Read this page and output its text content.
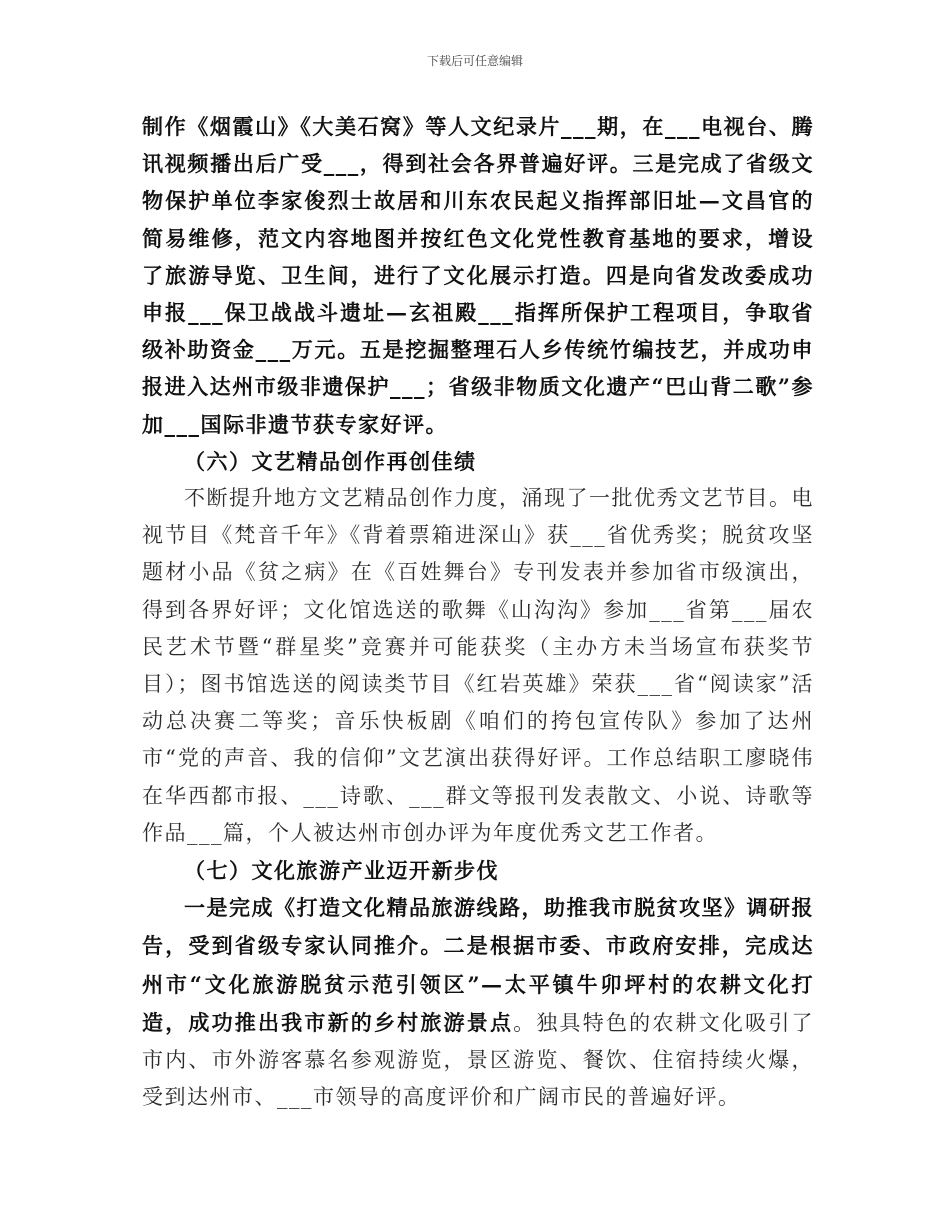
下载后可任意编辑

制作《烟霞山》《大美石窝》等人文纪录片___期，在___电视台、腾讯视频播出后广受___，得到社会各界普遍好评。三是完成了省级文物保护单位李家俊烈士故居和川东农民起义指挥部旧址—文昌官的简易维修，范文内容地图并按红色文化党性教育基地的要求，增设了旅游导览、卫生间，进行了文化展示打造。四是向省发改委成功申报___保卫战战斗遗址—玄祖殿___指挥所保护工程项目，争取省级补助资金___万元。五是挖掘整理石人乡传统竹编技艺，并成功申报进入达州市级非遗保护___；省级非物质文化遗产“巴山背二歌”参加___国际非遗节获专家好评。

（六）文艺精品创作再创佳绩

不断提升地方文艺精品创作力度，涌现了一批优秀文艺节目。电视节目《梵音千年》《背着票箱进深山》获___省优秀奖；脱贫攻坚题材小品《贫之病》在《百姓舞台》专刊发表并参加省市级演出，得到各界好评；文化馆选送的歌舞《山沟沟》参加___省第___届农民艺术节暨“群星奖”竞赛并可能获奖（主办方未当场宣布获奖节目）；图书馆选送的阅读类节目《红岩英雄》荣获___省“阅读家”活动总决赛二等奖；音乐快板剧《咱们的挎包宣传队》参加了达州市“党的声音、我的信仰”文艺演出获得好评。工作总结职工廖晓伟在华西都市报、___诗歌、___群文等报刊发表散文、小说、诗歌等作品___篇，个人被达州市创办评为年度优秀文艺工作者。

（七）文化旅游产业迈开新步伐

一是完成《打造文化精品旅游线路，助推我市脱贫攻坚》调研报告，受到省级专家认同推介。二是根据市委、市政府安排，完成达州市“文化旅游脱贫示范引领区”—太平镇牛卯坪村的农耕文化打造，成功推出我市新的乡村旅游景点。独具特色的农耕文化吸引了市内、市外游客慕名参观游览，景区游览、餐饮、住宿持续火爆，受到达州市、___市领导的高度评价和广阔市民的普遍好评。
